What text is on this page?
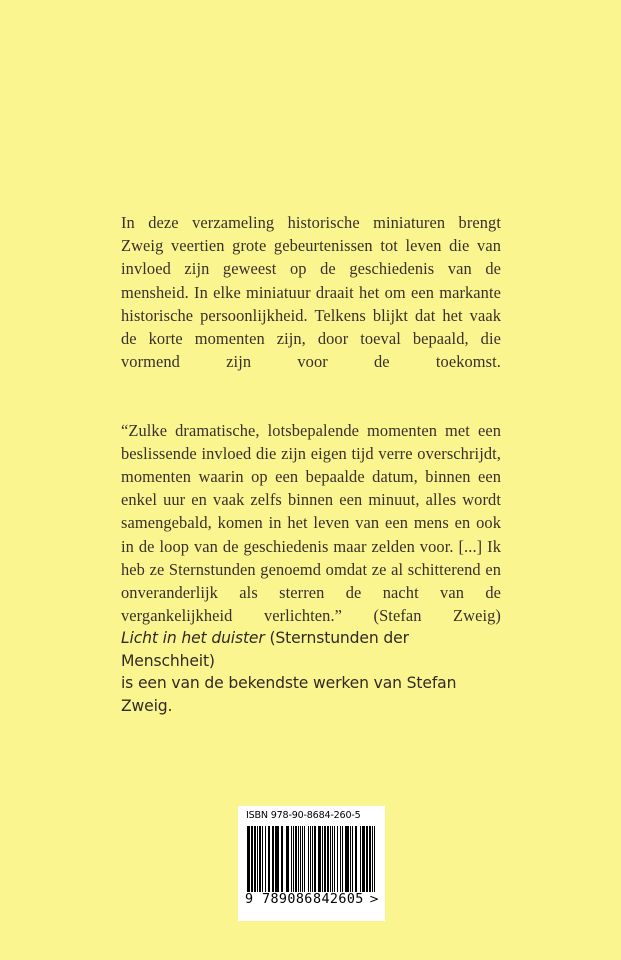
In deze verzameling historische miniaturen brengt Zweig veertien grote gebeurtenissen tot leven die van invloed zijn geweest op de geschiedenis van de mensheid. In elke miniatuur draait het om een markante historische persoonlijkheid. Telkens blijkt dat het vaak de korte momenten zijn, door toeval bepaald, die vormend zijn voor de toekomst.

“Zulke dramatische, lotsbepalende momenten met een beslissende invloed die zijn eigen tijd verre overschrijdt, momenten waarin op een bepaalde datum, binnen een enkel uur en vaak zelfs binnen een minuut, alles wordt samengebald, komen in het leven van een mens en ook in de loop van de geschiedenis maar zelden voor. [...] Ik heb ze Sternstunden genoemd omdat ze al schitterend en onveranderlijk als sterren de nacht van de vergankelijkheid verlichten.” (Stefan Zweig)

Licht in het duister (Sternstunden der Menschheit)

is een van de bekendste werken van Stefan Zweig.

ISBN 978-90-8684-260-5
9 789086 842605 >
